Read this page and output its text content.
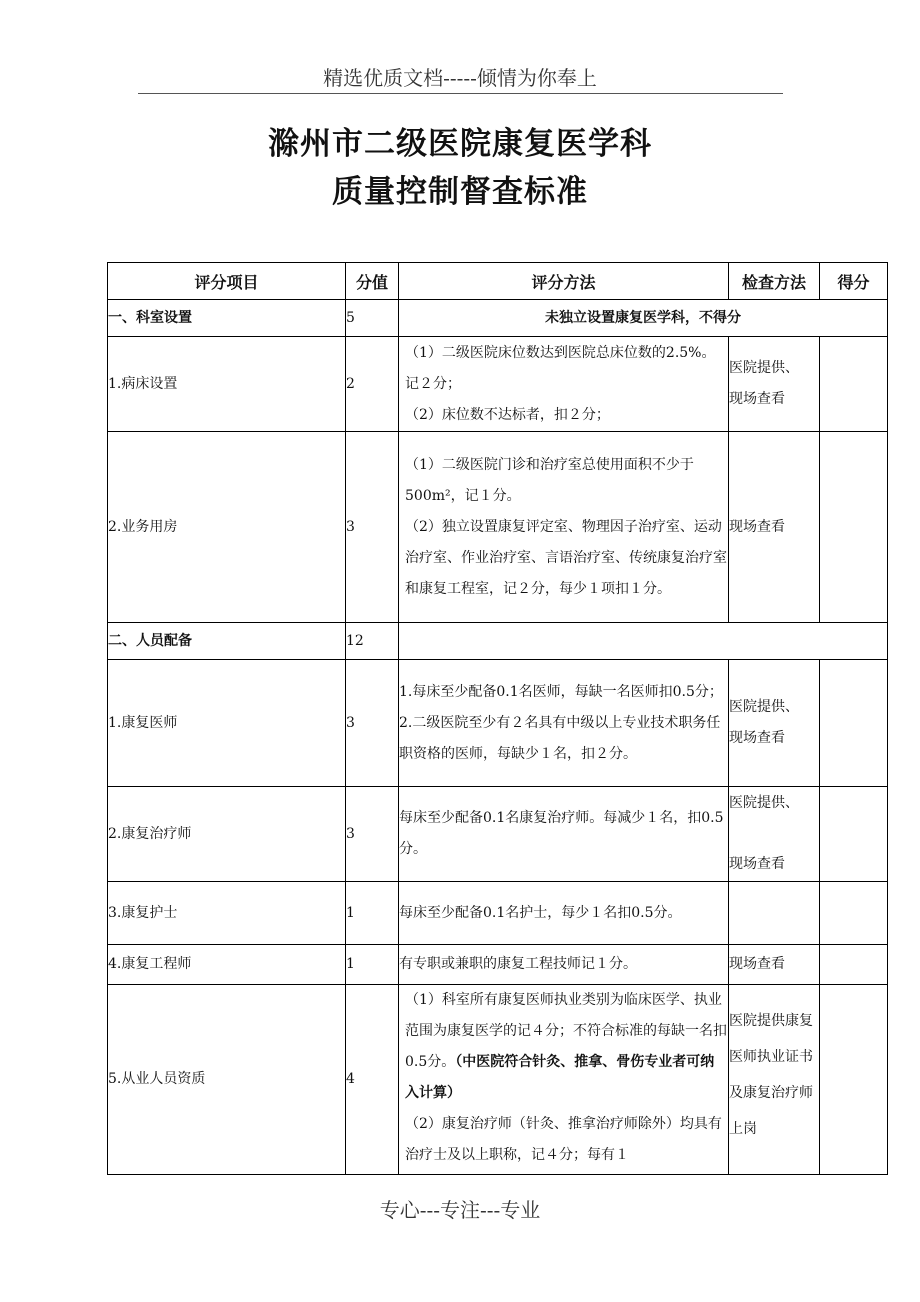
精选优质文档-----倾情为你奉上
滁州市二级医院康复医学科
质量控制督查标准
评分项目	分值	评分方法	检查方法	得分
一、科室设置	5	未独立设置康复医学科，不得分		
1.病床设置	2	（1）二级医院床位数达到医院总床位数的2.5%。记２分；
（2）床位数不达标者，扣２分；	医院提供、
现场查看	

2.业务用房	3	（1）二级医院门诊和治疗室总使用面积不少于500m²，记１分。
（2）独立设置康复评定室、物理因子治疗室、运动治疗室、作业治疗室、言语治疗室、传统康复治疗室和康复工程室，记２分，每少１项扣１分。	现场查看	

二、人员配备	12			
1.康复医师	3	1.每床至少配备0.1名医师，每缺一名医师扣0.5分；2.二级医院至少有２名具有中级以上专业技术职务任职资格的医师，每缺少１名，扣２分。	医院提供、
现场查看	

2.康复治疗师	3	每床至少配备0.1名康复治疗师。每减少１名，扣0.5分。	医院提供、
现场查看	

3.康复护士	1	每床至少配备0.1名护士，每少１名扣0.5分。		

4.康复工程师	1	有专职或兼职的康复工程技师记１分。	现场查看	

5.从业人员资质	4	（1）科室所有康复医师执业类别为临床医学、执业范围为康复医学的记４分；不符合标准的每缺一名扣0.5分。（中医院符合针灸、推拿、骨伤专业者可纳入计算）
（2）康复治疗师（针灸、推拿治疗师除外）均具有治疗士及以上职称，记４分；每有１	医院提供康复医师执业证书及康复治疗师上岗	

专心---专注---专业
